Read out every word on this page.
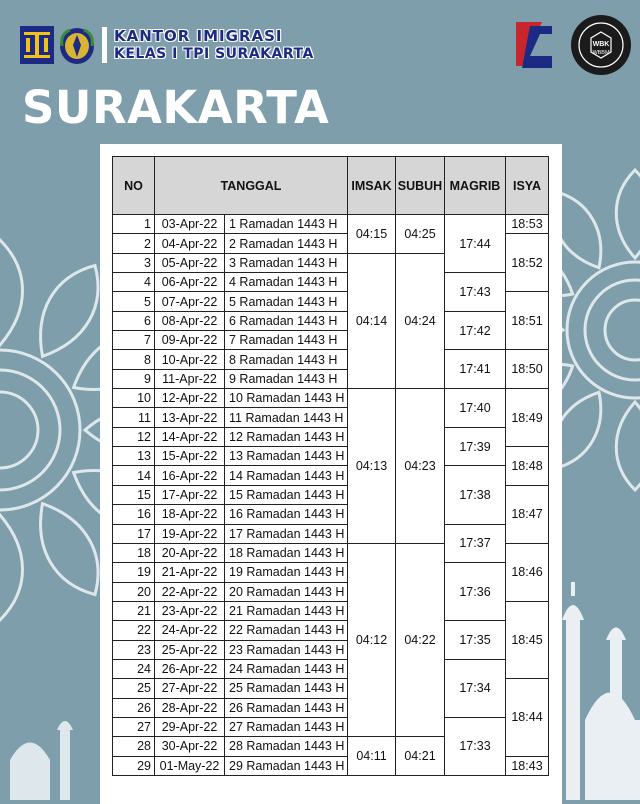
KANTOR IMIGRASI
KELAS I TPI SURAKARTA
WBK
WBBM
SURAKARTA
NO	TANGGAL		IMSAK	SUBUH	MAGRIB	ISYA
1	03-Apr-22	1 Ramadan 1443 H	04:15	04:25	17:44	18:53
2	04-Apr-22	2 Ramadan 1443 H				18:52
3	05-Apr-22	3 Ramadan 1443 H	04:14	04:24		
4	06-Apr-22	4 Ramadan 1443 H			17:43	
5	07-Apr-22	5 Ramadan 1443 H				18:51
6	08-Apr-22	6 Ramadan 1443 H			17:42	
7	09-Apr-22	7 Ramadan 1443 H				
8	10-Apr-22	8 Ramadan 1443 H			17:41	18:50
9	11-Apr-22	9 Ramadan 1443 H				
10	12-Apr-22	10 Ramadan 1443 H	04:13	04:23	17:40	18:49
11	13-Apr-22	11 Ramadan 1443 H				
12	14-Apr-22	12 Ramadan 1443 H			17:39	
13	15-Apr-22	13 Ramadan 1443 H				18:48
14	16-Apr-22	14 Ramadan 1443 H			17:38	
15	17-Apr-22	15 Ramadan 1443 H				18:47
16	18-Apr-22	16 Ramadan 1443 H				
17	19-Apr-22	17 Ramadan 1443 H			17:37	
18	20-Apr-22	18 Ramadan 1443 H	04:12	04:22		18:46
19	21-Apr-22	19 Ramadan 1443 H			17:36	
20	22-Apr-22	20 Ramadan 1443 H				
21	23-Apr-22	21 Ramadan 1443 H				18:45
22	24-Apr-22	22 Ramadan 1443 H			17:35	
23	25-Apr-22	23 Ramadan 1443 H				
24	26-Apr-22	24 Ramadan 1443 H			17:34	
25	27-Apr-22	25 Ramadan 1443 H				18:44
26	28-Apr-22	26 Ramadan 1443 H				
27	29-Apr-22	27 Ramadan 1443 H			17:33	
28	30-Apr-22	28 Ramadan 1443 H	04:11	04:21		
29	01-May-22	29 Ramadan 1443 H				18:43
